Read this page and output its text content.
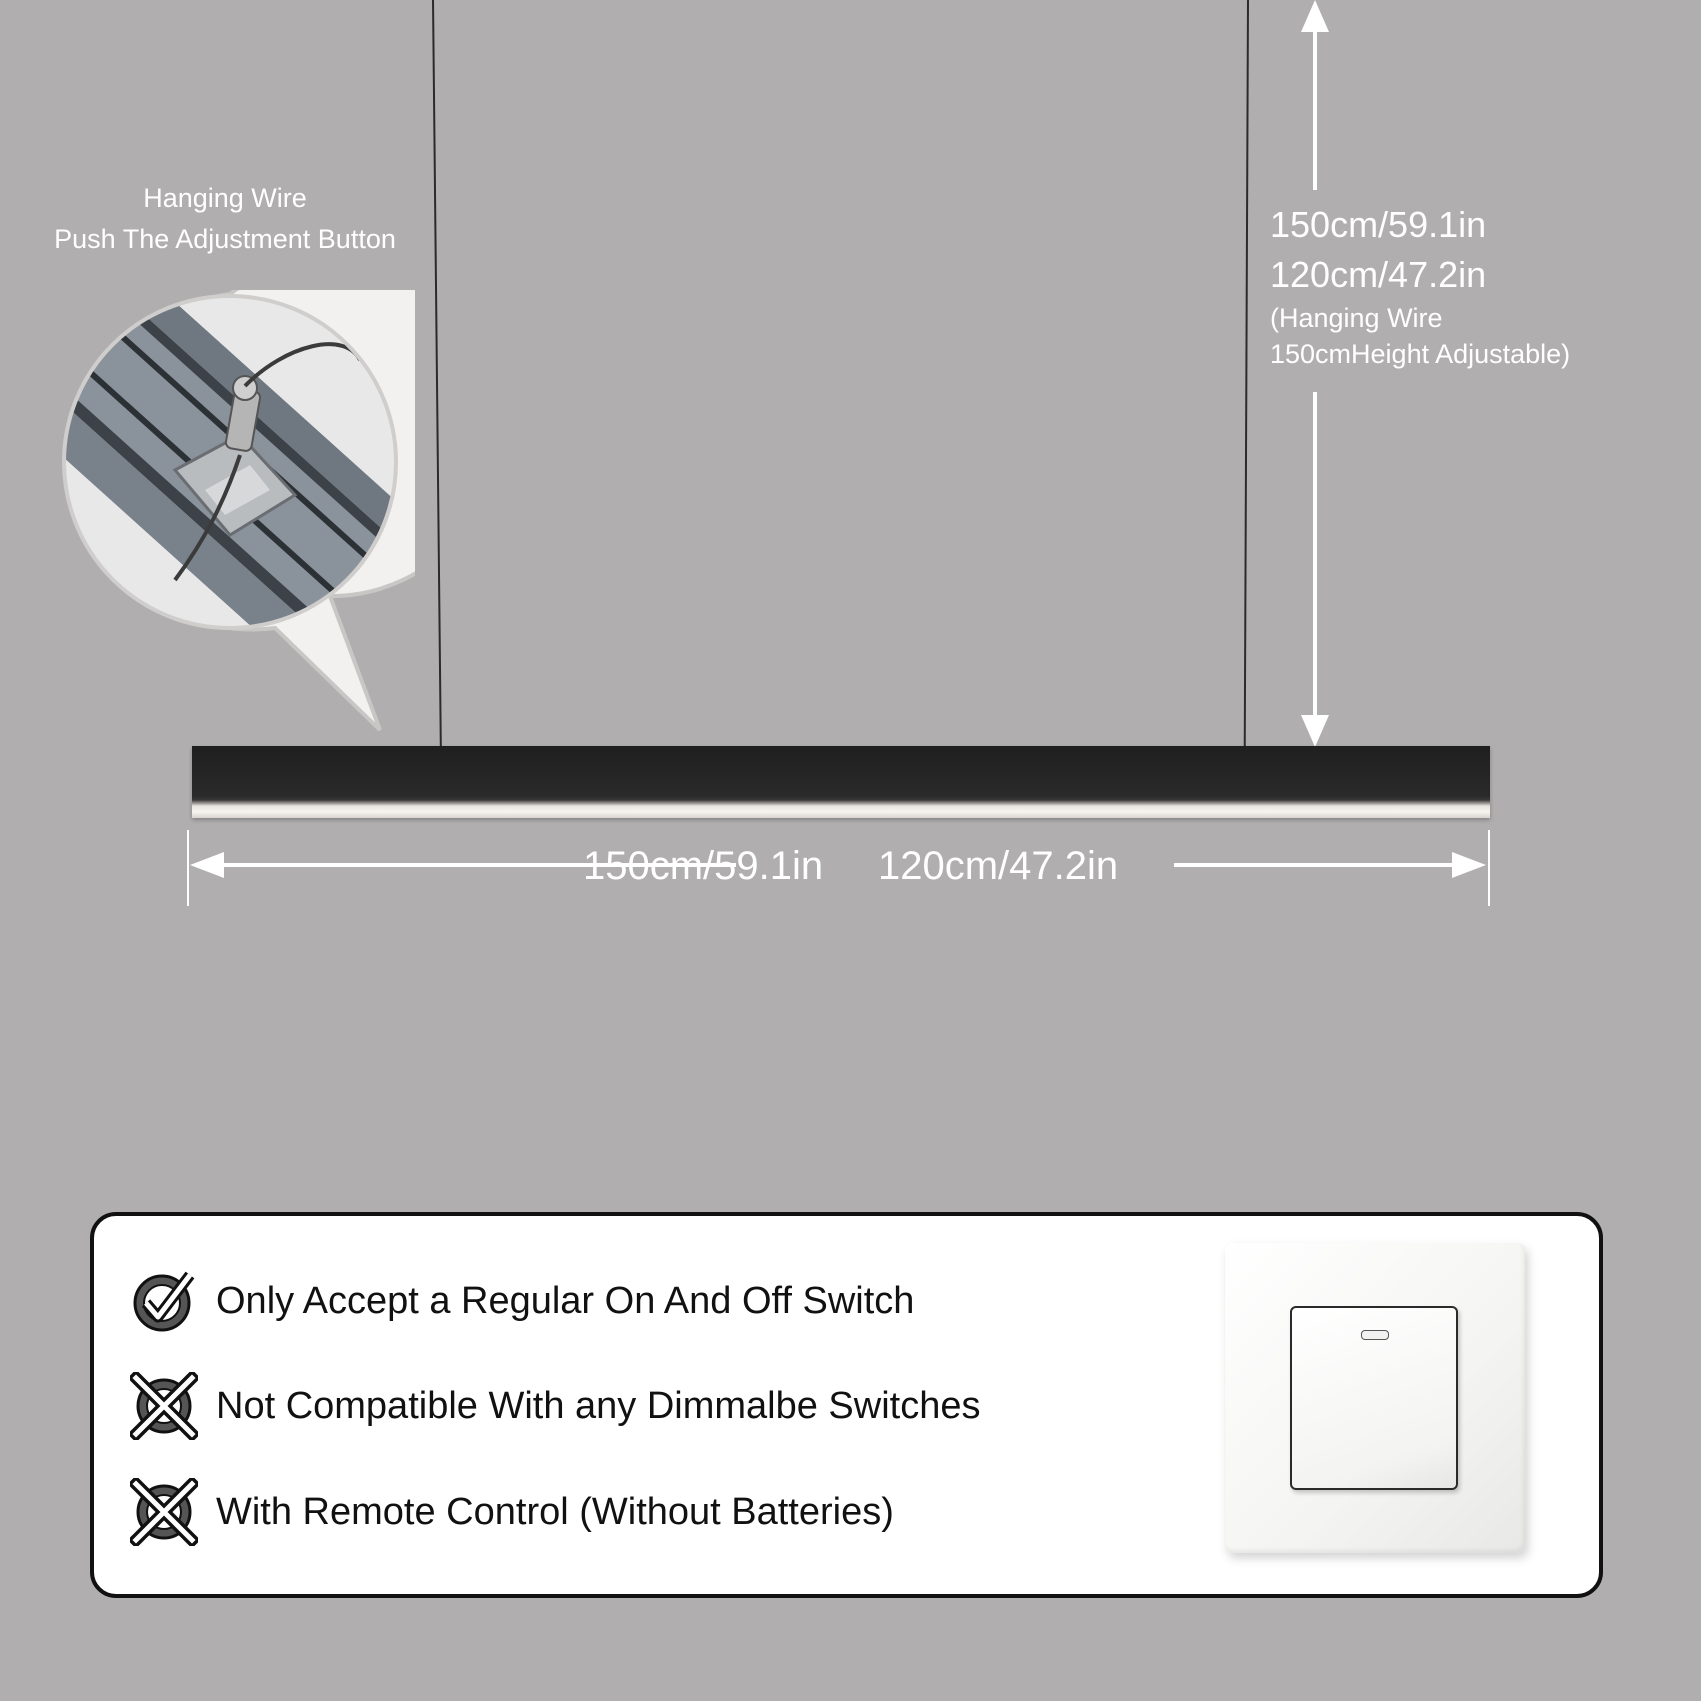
Hanging Wire
Push The Adjustment Button	150cm/59.1in
120cm/47.2in
(Hanging Wire
150cmHeight Adjustable)
150cm/59.1in 120cm/47.2in
Only Accept a Regular On And Off Switch
Not Compatible With any Dimmalbe Switches
With Remote Control (Without Batteries)
